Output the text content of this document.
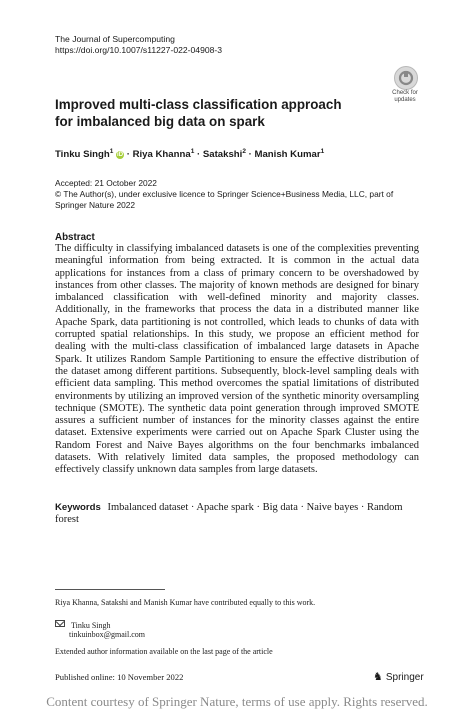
The Journal of Supercomputing
https://doi.org/10.1007/s11227-022-04908-3
Check for
updates
Improved multi-class classification approach
for imbalanced big data on spark
Tinku Singh$^1$ iD · Riya Khanna$^1$ · Satakshi$^2$ · Manish Kumar$^1$
Accepted: 21 October 2022
© The Author(s), under exclusive licence to Springer Science+Business Media, LLC, part of Springer Nature 2022
Abstract
The difficulty in classifying imbalanced datasets is one of the complexities preventing meaningful information from being extracted. It is common in the actual data applications for instances from a class of primary concern to be overshadowed by instances from other classes. The majority of known methods are designed for binary imbalanced classification with well-defined minority and majority classes. Additionally, in the frameworks that process the data in a distributed manner like Apache Spark, data partitioning is not controlled, which leads to chunks of data with corrupted spatial relationships. In this study, we propose an efficient method for dealing with the multi-class classification of imbalanced large datasets in Apache Spark. It utilizes Random Sample Partitioning to ensure the effective distribution of the dataset among different partitions. Subsequently, block-level sampling deals with efficient data sampling. This method overcomes the spatial limitations of distributed environments by utilizing an improved version of the synthetic minority oversampling technique (SMOTE). The synthetic data point generation through improved SMOTE assures a sufficient number of instances for the minority classes against the entire dataset. Extensive experiments were carried out on Apache Spark Cluster using the Random Forest and Naive Bayes algorithms on the four benchmarks imbalanced datasets. With relatively limited data samples, the proposed methodology can effectively classify unknown data samples from large datasets.
Keywords Imbalanced dataset · Apache spark · Big data · Naive bayes · Random forest
Riya Khanna, Satakshi and Manish Kumar have contributed equally to this work.
Tinku Singh
tinkuinbox@gmail.com
Extended author information available on the last page of the article
Published online: 10 November 2022	♞ Springer
Content courtesy of Springer Nature, terms of use apply. Rights reserved.
